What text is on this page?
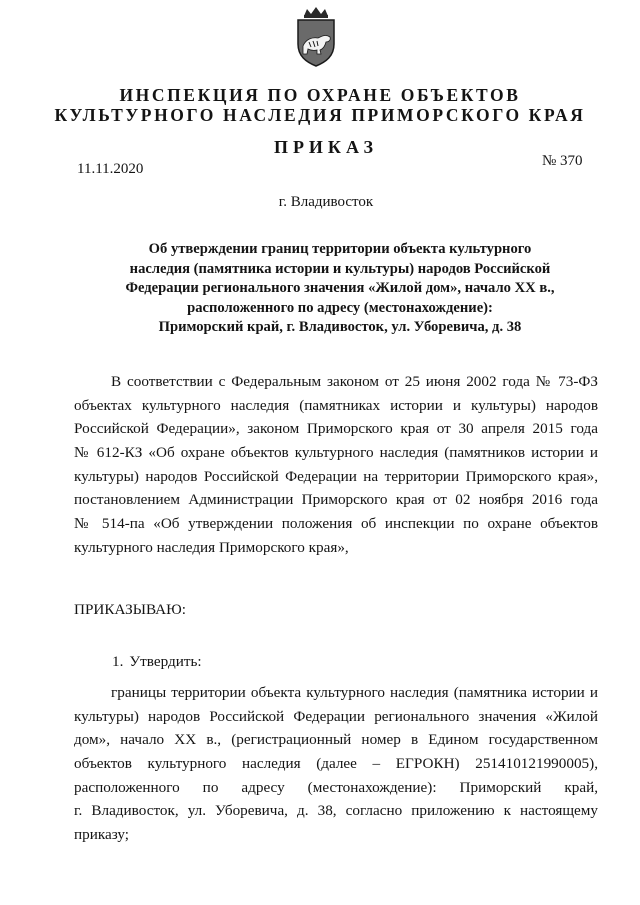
ИНСПЕКЦИЯ ПО ОХРАНЕ ОБЪЕКТОВ
КУЛЬТУРНОГО НАСЛЕДИЯ ПРИМОРСКОГО КРАЯ
ПРИКАЗ
11.11.2020	№ 370
г. Владивосток
Об утверждении границ территории объекта культурного
наследия (памятника истории и культуры) народов Российской
Федерации регионального значения «Жилой дом», начало XX в.,
расположенного по адресу (местонахождение):
Приморский край, г. Владивосток, ул. Уборевича, д. 38
В соответствии с Федеральным законом от 25 июня 2002 года № 73-ФЗ
объектах культурного наследия (памятниках истории и культуры) народов
Российской Федерации», законом Приморского края от 30 апреля 2015 года
№ 612-КЗ «Об охране объектов культурного наследия (памятников истории и
культуры) народов Российской Федерации на территории Приморского края»,
постановлением Администрации Приморского края от 02 ноября 2016 года
№ 514-па «Об утверждении положения об инспекции по охране объектов
культурного наследия Приморского края»,
ПРИКАЗЫВАЮ:
1. Утвердить:
границы территории объекта культурного наследия (памятника истории и
культуры) народов Российской Федерации регионального значения «Жилой
дом», начало XX в., (регистрационный номер в Едином государственном
объектов культурного наследия (далее – ЕГРОКН) 251410121990005),
расположенного по адресу (местонахождение): Приморский край,
г. Владивосток, ул. Уборевича, д. 38, согласно приложению к настоящему
приказу;
